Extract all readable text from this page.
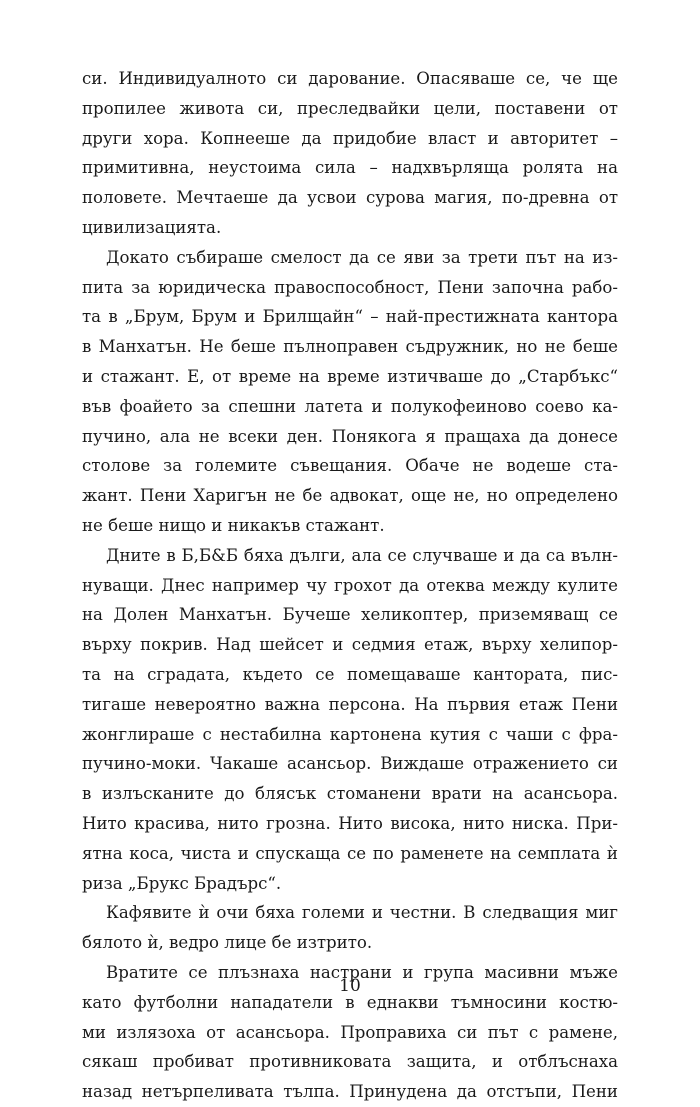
си. Индивидуалното си дарование. Опасяваше се, че ще
пропилее живота си, преследвайки цели, поставени от
други хора. Копнееше да придобие власт и авторитет –
примитивна, неустоима сила – надхвърляща ролята на
половете. Мечтаеше да усвои сурова магия, по-древна от
цивилизацията.
Докато събираше смелост да се яви за трети път на из-
пита за юридическа правоспособност, Пени започна рабо-
та в „Брум, Брум и Брилщайн“ – най-престижната кантора
в Манхатън. Не беше пълноправен съдружник, но не беше
и стажант. Е, от време на време изтичваше до „Старбъкс“
във фоайето за спешни латета и полукофеиново соево ка-
пучино, ала не всеки ден. Понякога я пращаха да донесе
столове за големите съвещания. Обаче не водеше ста-
жант. Пени Харигън не бе адвокат, още не, но определено
не беше нищо и никакъв стажант.
Дните в Б,Б&Б бяха дълги, ала се случваше и да са вълн-
нуващи. Днес например чу грохот да отеква между кулите
на Долен Манхатън. Бучеше хеликоптер, приземяващ се
върху покрив. Над шейсет и седмия етаж, върху хелипор-
та на сградата, където се помещаваше кантората, пис-
тигаше невероятно важна персона. На първия етаж Пени
жонглираше с нестабилна картонена кутия с чаши с фра-
пучино-моки. Чакаше асансьор. Виждаше отражението си
в излъсканите до блясък стоманени врати на асансьора.
Нито красива, нито грозна. Нито висока, нито ниска. При-
ятна коса, чиста и спускаща се по раменете на семплата ѝ
риза „Брукс Брадърс“.
Кафявите ѝ очи бяха големи и честни. В следващия миг
бялото ѝ, ведро лице бе изтрито.
Вратите се плъзнаха настрани и група масивни мъже
като футболни нападатели в еднакви тъмносини костю-
ми излязоха от асансьора. Проправиха си път с рамене,
сякаш пробиват противниковата защита, и отблъснаха
назад нетърпеливата тълпа. Принудена да отстъпи, Пени
10
